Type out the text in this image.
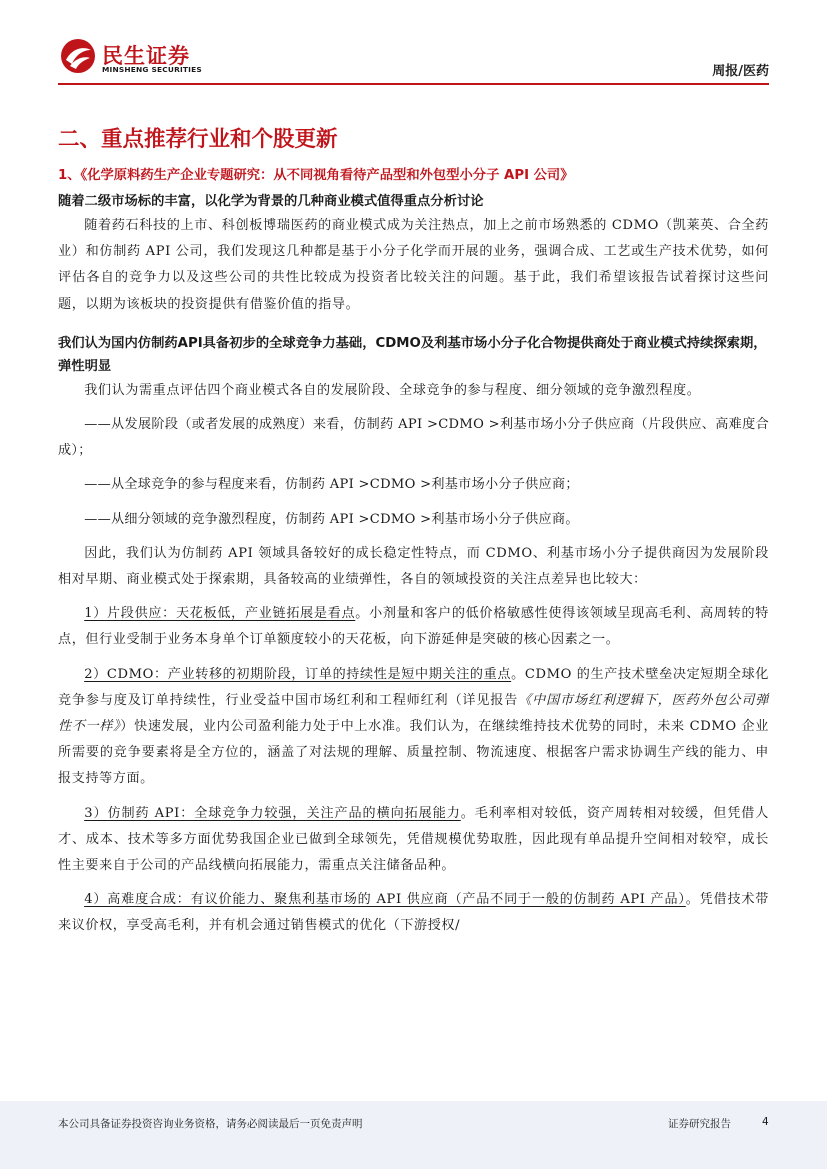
民生证券
MINSHENG SECURITIES	周报/医药
二、重点推荐行业和个股更新
1、《化学原料药生产企业专题研究：从不同视角看待产品型和外包型小分子 API 公司》
随着二级市场标的丰富，以化学为背景的几种商业模式值得重点分析讨论

随着药石科技的上市、科创板博瑞医药的商业模式成为关注热点，加上之前市场熟悉的 CDMO（凯莱英、合全药业）和仿制药 API 公司，我们发现这几种都是基于小分子化学而开展的业务，强调合成、工艺或生产技术优势，如何评估各自的竞争力以及这些公司的共性比较成为投资者比较关注的问题。基于此，我们希望该报告试着探讨这些问题，以期为该板块的投资提供有借鉴价值的指导。

我们认为国内仿制药API具备初步的全球竞争力基础，CDMO及利基市场小分子化合物提供商处于商业模式持续探索期，弹性明显

我们认为需重点评估四个商业模式各自的发展阶段、全球竞争的参与程度、细分领域的竞争激烈程度。

——从发展阶段（或者发展的成熟度）来看，仿制药 API >CDMO >利基市场小分子供应商（片段供应、高难度合成）；

——从全球竞争的参与程度来看，仿制药 API >CDMO >利基市场小分子供应商；

——从细分领域的竞争激烈程度，仿制药 API >CDMO >利基市场小分子供应商。

因此，我们认为仿制药 API 领域具备较好的成长稳定性特点，而 CDMO、利基市场小分子提供商因为发展阶段相对早期、商业模式处于探索期，具备较高的业绩弹性，各自的领域投资的关注点差异也比较大：

1）片段供应：天花板低，产业链拓展是看点。小剂量和客户的低价格敏感性使得该领域呈现高毛利、高周转的特点，但行业受制于业务本身单个订单额度较小的天花板，向下游延伸是突破的核心因素之一。

2）CDMO：产业转移的初期阶段，订单的持续性是短中期关注的重点。CDMO 的生产技术壁垒决定短期全球化竞争参与度及订单持续性，行业受益中国市场红利和工程师红利（详见报告《中国市场红利逻辑下，医药外包公司弹性不一样》）快速发展，业内公司盈利能力处于中上水准。我们认为，在继续维持技术优势的同时，未来 CDMO 企业所需要的竞争要素将是全方位的，涵盖了对法规的理解、质量控制、物流速度、根据客户需求协调生产线的能力、申报支持等方面。

3）仿制药 API：全球竞争力较强，关注产品的横向拓展能力。毛利率相对较低，资产周转相对较缓，但凭借人才、成本、技术等多方面优势我国企业已做到全球领先，凭借规模优势取胜，因此现有单品提升空间相对较窄，成长性主要来自于公司的产品线横向拓展能力，需重点关注储备品种。

4）高难度合成：有议价能力、聚焦利基市场的 API 供应商（产品不同于一般的仿制药 API 产品）。凭借技术带来议价权，享受高毛利，并有机会通过销售模式的优化（下游授权/

本公司具备证券投资咨询业务资格，请务必阅读最后一页免责声明	证券研究报告	4
